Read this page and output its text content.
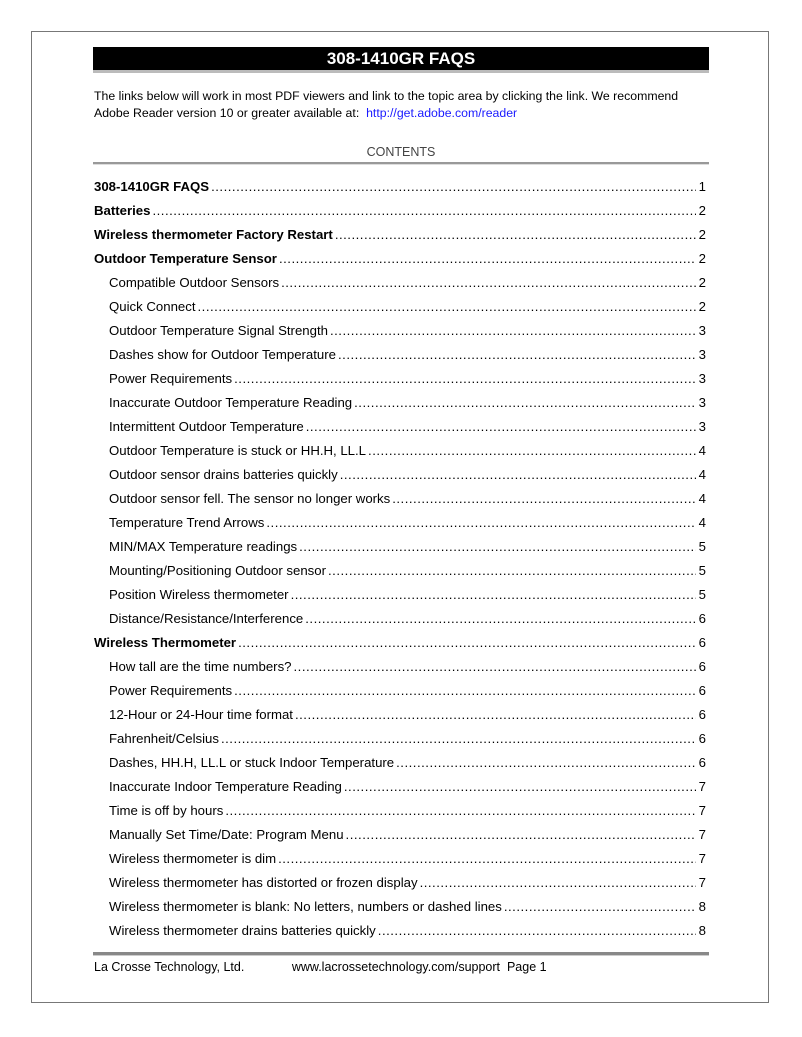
308-1410GR FAQS
The links below will work in most PDF viewers and link to the topic area by clicking the link. We recommend Adobe Reader version 10 or greater available at: http://get.adobe.com/reader
CONTENTS
308-1410GR FAQS .....	1
Batteries .....	2
Wireless thermometer Factory Restart .....	2
Outdoor Temperature Sensor .....	2
Compatible Outdoor Sensors .....	2
Quick Connect .....	2
Outdoor Temperature Signal Strength .....	3
Dashes show for Outdoor Temperature .....	3
Power Requirements .....	3
Inaccurate Outdoor Temperature Reading .....	3
Intermittent Outdoor Temperature .....	3
Outdoor Temperature is stuck or HH.H, LL.L .....	4
Outdoor sensor drains batteries quickly .....	4
Outdoor sensor fell. The sensor no longer works .....	4
Temperature Trend Arrows .....	4
MIN/MAX Temperature readings .....	5
Mounting/Positioning Outdoor sensor .....	5
Position Wireless thermometer .....	5
Distance/Resistance/Interference .....	6
Wireless Thermometer .....	6
How tall are the time numbers? .....	6
Power Requirements .....	6
12-Hour or 24-Hour time format .....	6
Fahrenheit/Celsius .....	6
Dashes, HH.H, LL.L or stuck Indoor Temperature .....	6
Inaccurate Indoor Temperature Reading .....	7
Time is off by hours .....	7
Manually Set Time/Date: Program Menu .....	7
Wireless thermometer is dim .....	7
Wireless thermometer has distorted or frozen display .....	7
Wireless thermometer is blank: No letters, numbers or dashed lines .....	8
Wireless thermometer drains batteries quickly .....	8
La Crosse Technology, Ltd.	www.lacrossetechnology.com/support Page 1
